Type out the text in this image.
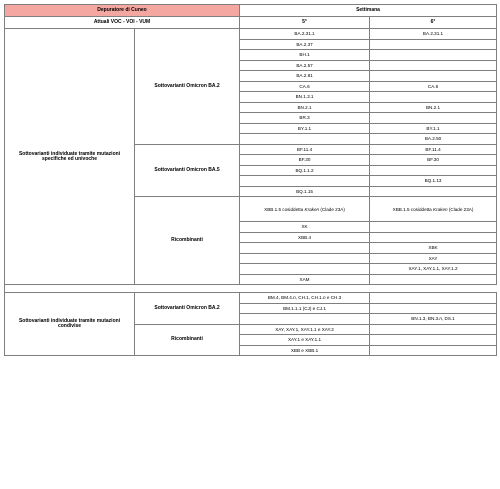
Depuratore di Cuneo		Settimana	
Attuali VOC - VOI - VUM		5°	6°
Sottovarianti individuate tramite mutazioni specifiche ed univoche	Sottovarianti Omicron BA.2	BA.2.31.1	BA.2.31.1
		BA.2.37	
		BH.1	
		BA.2.57	
		BA.2.81	
		CA.6	CA.6
		BN.1.3.1	
		BN.2.1	BN.2.1
		BR.3	
		BY.1.1	BY.1.1
			BA.2.50
	Sottovarianti Omicron BA.5	BF.11.4	BF.11.4
		BF.30	BF.30
		BQ.1.1.2	
			BQ.1.13
		BQ.1.15	
	Ricombinanti	XBB.1.5 cosiddetta Kraken (Clade 23A)	XBB.1.5 cosiddetta Kraken (Clade 23A)
		XK	
		XBB.4	
			XBK
			XAY
			XAY.1, XAY.1.1, XAY.1.2
		XAM	

Sottovarianti individuate tramite mutazioni condivise	Sottovarianti Omicron BA.2	BM.4, BM.4.n, CH.1, CH.1.n e CH.3	
		BM.1.1.1 (CJ) e CJ.1	
			BN.1.3, BN.3.n, DS.1
	Ricombinanti	XAY, XAY.1, XAY.1.1 e XAY.2	
		XAY.1 e XAY.1.1	
		XBB e XBB.1	
